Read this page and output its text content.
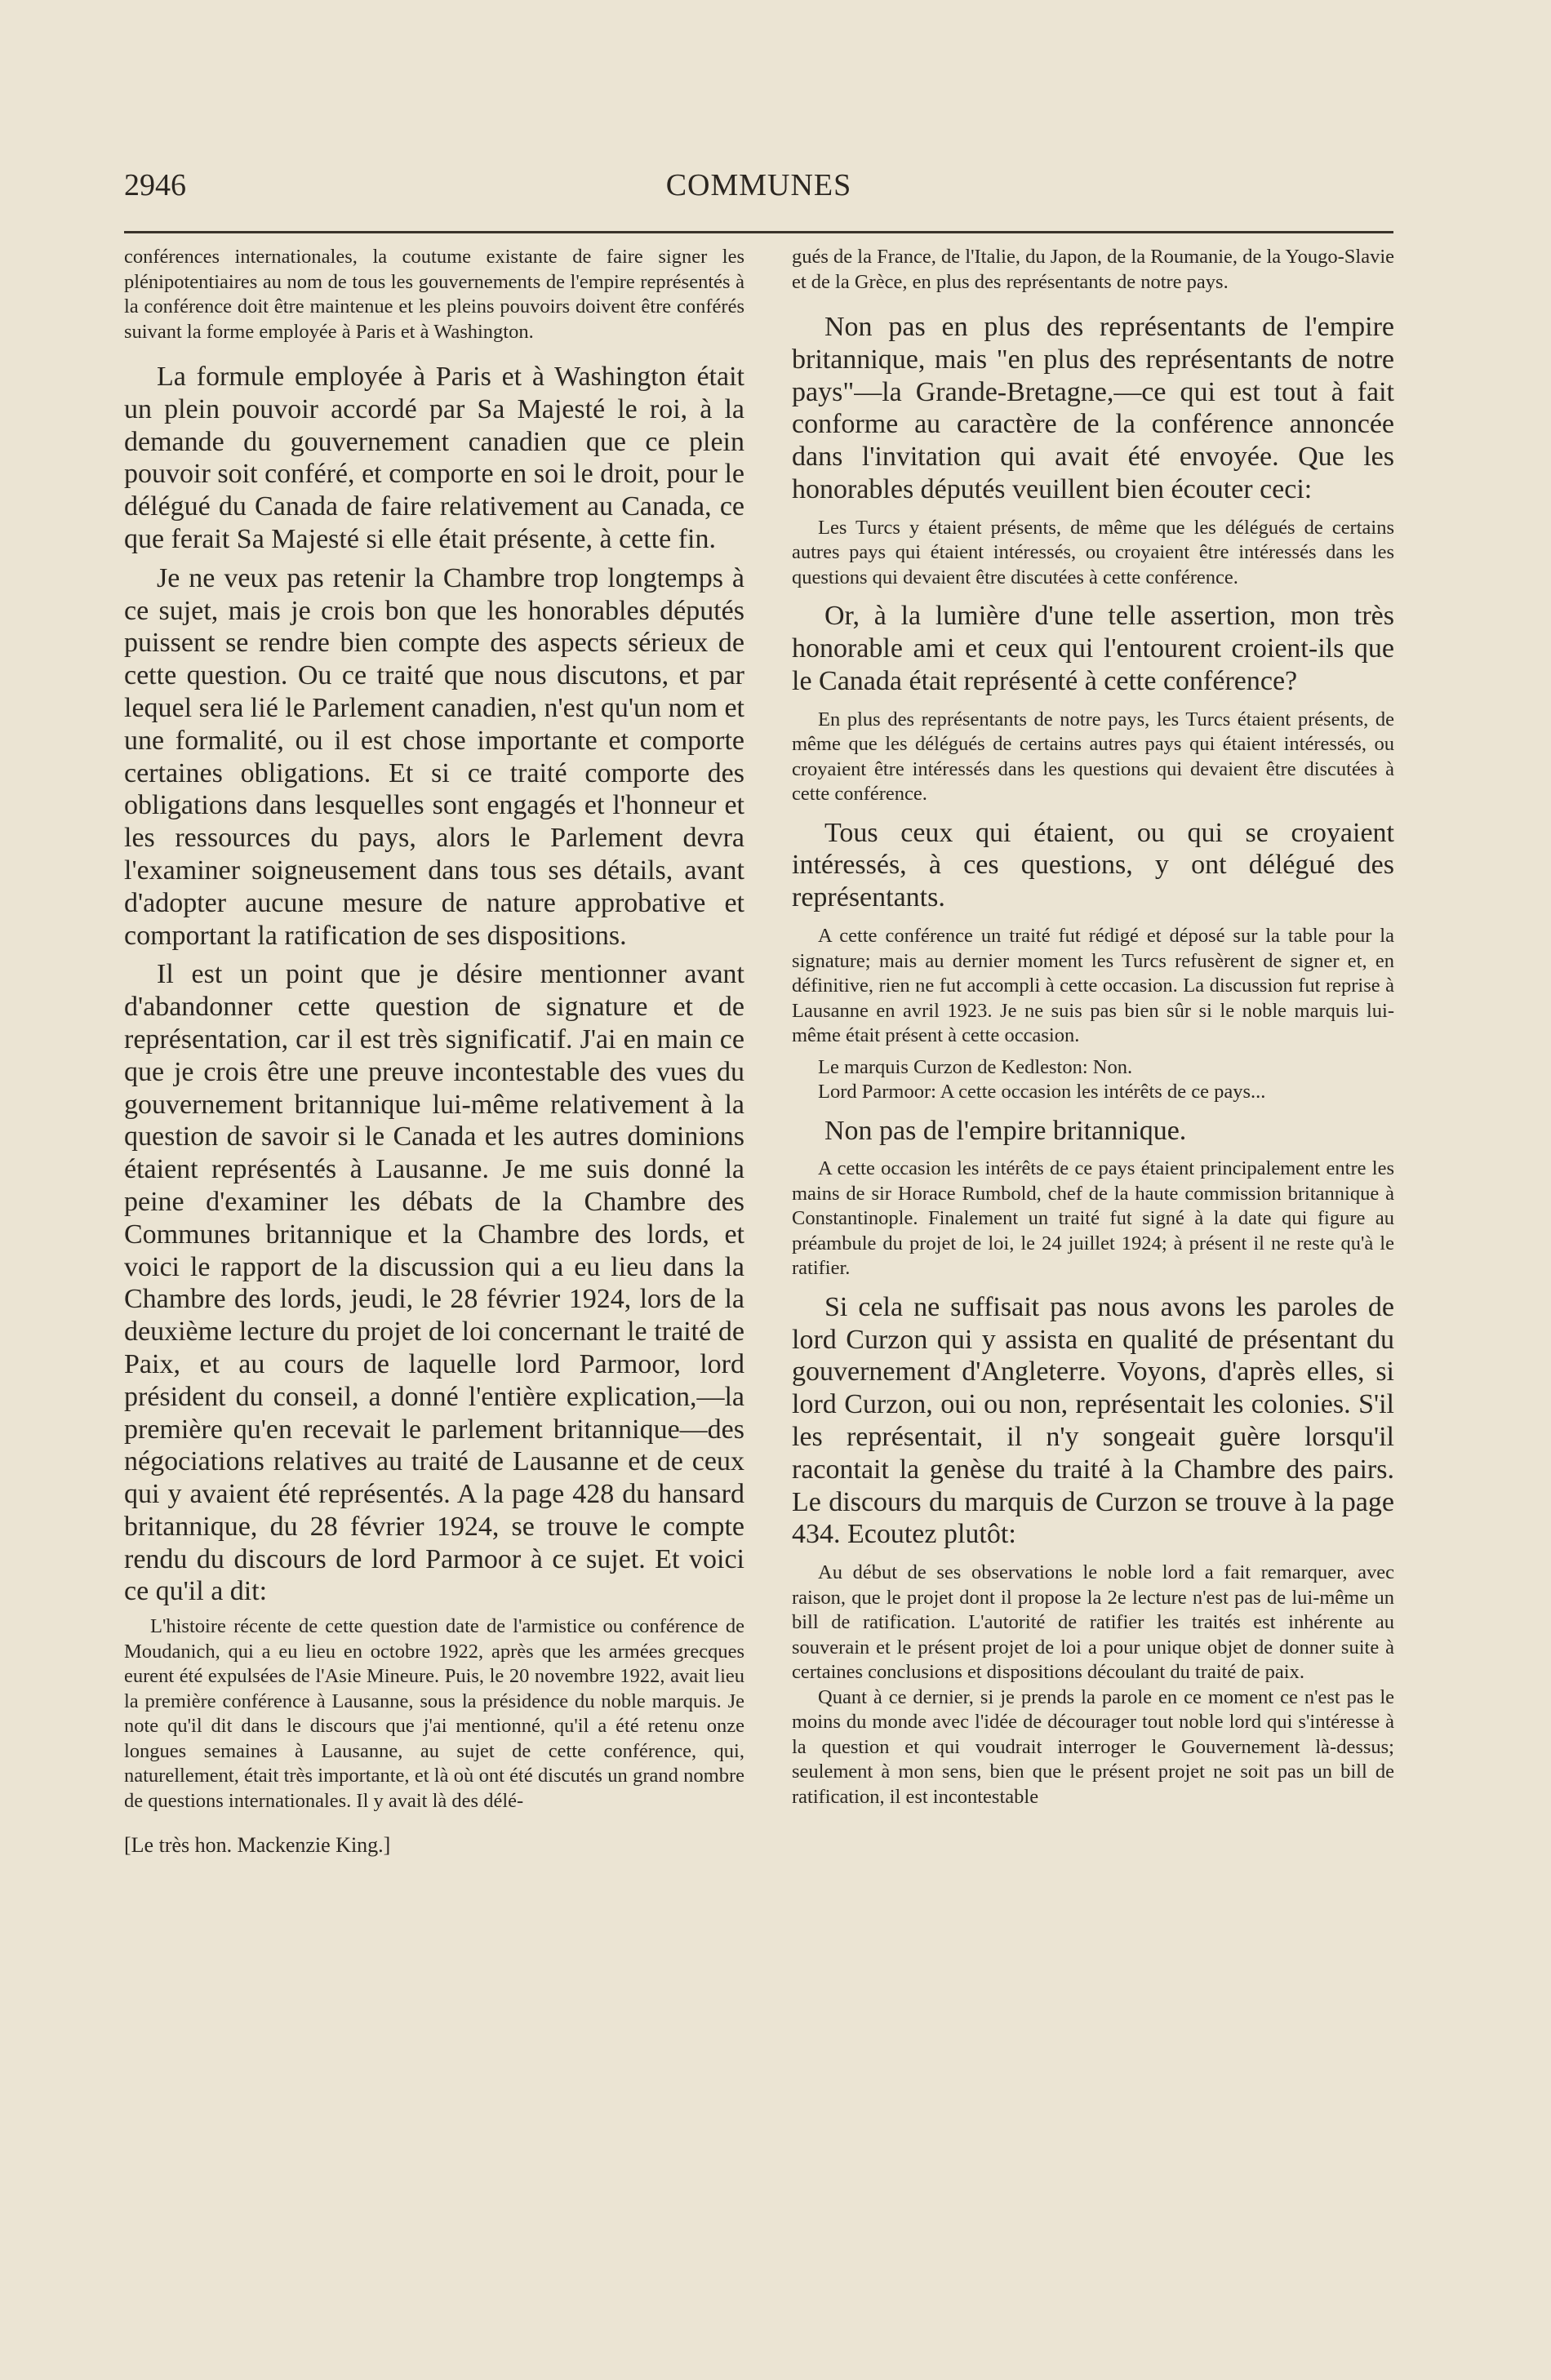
2946	COMMUNES

conférences internationales, la coutume existante de faire signer les plénipotentiaires au nom de tous les gouvernements de l'empire représentés à la conférence doit être maintenue et les pleins pouvoirs doivent être conférés suivant la forme employée à Paris et à Washington.

La formule employée à Paris et à Washington était un plein pouvoir accordé par Sa Majesté le roi, à la demande du gouvernement canadien que ce plein pouvoir soit conféré, et comporte en soi le droit, pour le délégué du Canada de faire relativement au Canada, ce que ferait Sa Majesté si elle était présente, à cette fin.

Je ne veux pas retenir la Chambre trop longtemps à ce sujet, mais je crois bon que les honorables députés puissent se rendre bien compte des aspects sérieux de cette question. Ou ce traité que nous discutons, et par lequel sera lié le Parlement canadien, n'est qu'un nom et une formalité, ou il est chose importante et comporte certaines obligations. Et si ce traité comporte des obligations dans lesquelles sont engagés et l'honneur et les ressources du pays, alors le Parlement devra l'examiner soigneusement dans tous ses détails, avant d'adopter aucune mesure de nature approbative et comportant la ratification de ses dispositions.

Il est un point que je désire mentionner avant d'abandonner cette question de signature et de représentation, car il est très significatif. J'ai en main ce que je crois être une preuve incontestable des vues du gouvernement britannique lui-même relativement à la question de savoir si le Canada et les autres dominions étaient représentés à Lausanne. Je me suis donné la peine d'examiner les débats de la Chambre des Communes britannique et la Chambre des lords, et voici le rapport de la discussion qui a eu lieu dans la Chambre des lords, jeudi, le 28 février 1924, lors de la deuxième lecture du projet de loi concernant le traité de Paix, et au cours de laquelle lord Parmoor, lord président du conseil, a donné l'entière explication,—la première qu'en recevait le parlement britannique—des négociations relatives au traité de Lausanne et de ceux qui y avaient été représentés. A la page 428 du hansard britannique, du 28 février 1924, se trouve le compte rendu du discours de lord Parmoor à ce sujet. Et voici ce qu'il a dit:

L'histoire récente de cette question date de l'armistice ou conférence de Moudanich, qui a eu lieu en octobre 1922, après que les armées grecques eurent été expulsées de l'Asie Mineure. Puis, le 20 novembre 1922, avait lieu la première conférence à Lausanne, sous la présidence du noble marquis. Je note qu'il dit dans le discours que j'ai mentionné, qu'il a été retenu onze longues semaines à Lausanne, au sujet de cette conférence, qui, naturellement, était très importante, et là où ont été discutés un grand nombre de questions internationales. Il y avait là des délé-

[Le très hon. Mackenzie King.]

gués de la France, de l'Italie, du Japon, de la Roumanie, de la Yougo-Slavie et de la Grèce, en plus des représentants de notre pays.

Non pas en plus des représentants de l'empire britannique, mais "en plus des représentants de notre pays"—la Grande-Bretagne,—ce qui est tout à fait conforme au caractère de la conférence annoncée dans l'invitation qui avait été envoyée. Que les honorables députés veuillent bien écouter ceci:

Les Turcs y étaient présents, de même que les délégués de certains autres pays qui étaient intéressés, ou croyaient être intéressés dans les questions qui devaient être discutées à cette conférence.

Or, à la lumière d'une telle assertion, mon très honorable ami et ceux qui l'entourent croient-ils que le Canada était représenté à cette conférence?

En plus des représentants de notre pays, les Turcs étaient présents, de même que les délégués de certains autres pays qui étaient intéressés, ou croyaient être intéressés dans les questions qui devaient être discutées à cette conférence.

Tous ceux qui étaient, ou qui se croyaient intéressés, à ces questions, y ont délégué des représentants.

A cette conférence un traité fut rédigé et déposé sur la table pour la signature; mais au dernier moment les Turcs refusèrent de signer et, en définitive, rien ne fut accompli à cette occasion. La discussion fut reprise à Lausanne en avril 1923. Je ne suis pas bien sûr si le noble marquis lui-même était présent à cette occasion.

Le marquis Curzon de Kedleston: Non.

Lord Parmoor: A cette occasion les intérêts de ce pays...

Non pas de l'empire britannique.

A cette occasion les intérêts de ce pays étaient principalement entre les mains de sir Horace Rumbold, chef de la haute commission britannique à Constantinople. Finalement un traité fut signé à la date qui figure au préambule du projet de loi, le 24 juillet 1924; à présent il ne reste qu'à le ratifier.

Si cela ne suffisait pas nous avons les paroles de lord Curzon qui y assista en qualité de présentant du gouvernement d'Angleterre. Voyons, d'après elles, si lord Curzon, oui ou non, représentait les colonies. S'il les représentait, il n'y songeait guère lorsqu'il racontait la genèse du traité à la Chambre des pairs. Le discours du marquis de Curzon se trouve à la page 434. Ecoutez plutôt:

Au début de ses observations le noble lord a fait remarquer, avec raison, que le projet dont il propose la 2e lecture n'est pas de lui-même un bill de ratification. L'autorité de ratifier les traités est inhérente au souverain et le présent projet de loi a pour unique objet de donner suite à certaines conclusions et dispositions découlant du traité de paix.

Quant à ce dernier, si je prends la parole en ce moment ce n'est pas le moins du monde avec l'idée de décourager tout noble lord qui s'intéresse à la question et qui voudrait interroger le Gouvernement là-dessus; seulement à mon sens, bien que le présent projet ne soit pas un bill de ratification, il est incontestable
